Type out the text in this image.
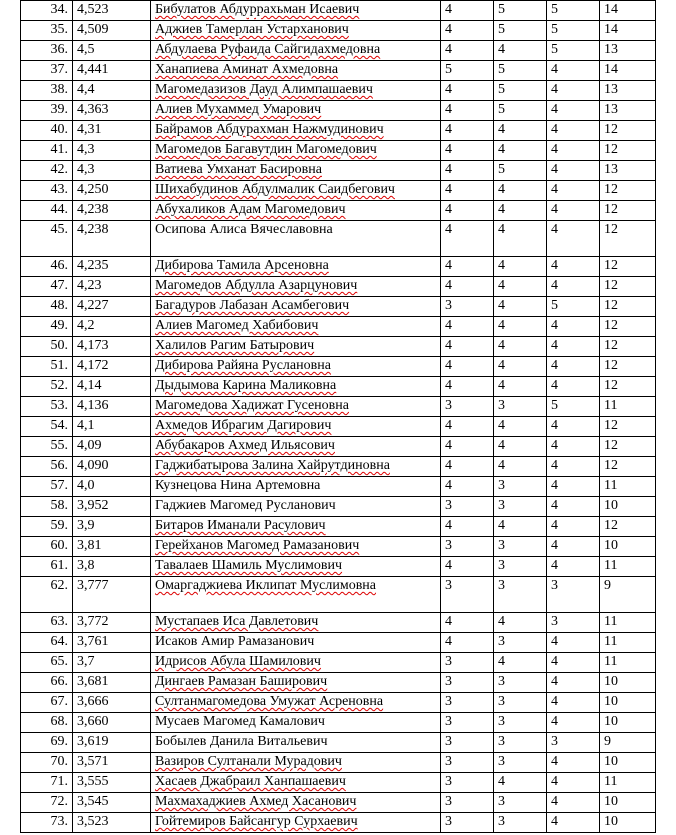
34.	4,523	Бибулатов Абдуррахьман Исаевич	4	5	5	14
35.	4,509	Аджиев Тамерлан Устарханович	4	5	5	14
36.	4,5	Абдулаева Руфаида Сайгидахмедовна	4	4	5	13
37.	4,441	Ханапиева Аминат Ахмедовна	5	5	4	14
38.	4,4	Магомедазизов Дауд Алимпашаевич	4	5	4	13
39.	4,363	Алиев Мухаммед Умарович	4	5	4	13
40.	4,31	Байрамов Абдурахман Нажмудинович	4	4	4	12
41.	4,3	Магомедов Багавутдин Магомедович	4	4	4	12
42.	4,3	Ватиева Умханат Басировна	4	5	4	13
43.	4,250	Шихабудинов Абдулмалик Саидбегович	4	4	4	12
44.	4,238	Абухаликов Адам Магомедович	4	4	4	12
45.	4,238	Осипова Алиса Вячеславовна	4	4	4	12
46.	4,235	Дибирова Тамила Арсеновна	4	4	4	12
47.	4,23	Магомедов Абдулла Азарцунович	4	4	4	12
48.	4,227	Багадуров Лабазан Асамбегович	3	4	5	12
49.	4,2	Алиев Магомед Хабибович	4	4	4	12
50.	4,173	Халилов Рагим Батырович	4	4	4	12
51.	4,172	Дибирова Райяна Руслановна	4	4	4	12
52.	4,14	Дыдымова Карина Маликовна	4	4	4	12
53.	4,136	Магомедова Хадижат Гусеновна	3	3	5	11
54.	4,1	Ахмедов Ибрагим Дагирович	4	4	4	12
55.	4,09	Абубакаров Ахмед Ильясович	4	4	4	12
56.	4,090	Гаджибатырова Залина Хайрутдиновна	4	4	4	12
57.	4,0	Кузнецова Нина Артемовна	4	3	4	11
58.	3,952	Гаджиев Магомед Русланович	3	3	4	10
59.	3,9	Битаров Иманали Расулович	4	4	4	12
60.	3,81	Герейханов Магомед Рамазанович	3	3	4	10
61.	3,8	Тавалаев Шамиль Муслимович	4	3	4	11
62.	3,777	Омаргаджиева Иклипат Муслимовна	3	3	3	9
63.	3,772	Мустапаев Иса Давлетович	4	4	3	11
64.	3,761	Исаков Амир Рамазанович	4	3	4	11
65.	3,7	Идрисов Абула Шамилович	3	4	4	11
66.	3,681	Дингаев Рамазан Баширович	3	3	4	10
67.	3,666	Султанмагомедова Умужат Асреновна	3	3	4	10
68.	3,660	Мусаев Магомед Камалович	3	3	4	10
69.	3,619	Бобылев Данила Витальевич	3	3	3	9
70.	3,571	Вазиров Султанали Мурадович	3	3	4	10
71.	3,555	Хасаев Джабраил Ханпашаевич	3	4	4	11
72.	3,545	Махмахаджиев Ахмед Хасанович	3	3	4	10
73.	3,523	Гойтемиров Байсангур Сурхаевич	3	3	4	10
